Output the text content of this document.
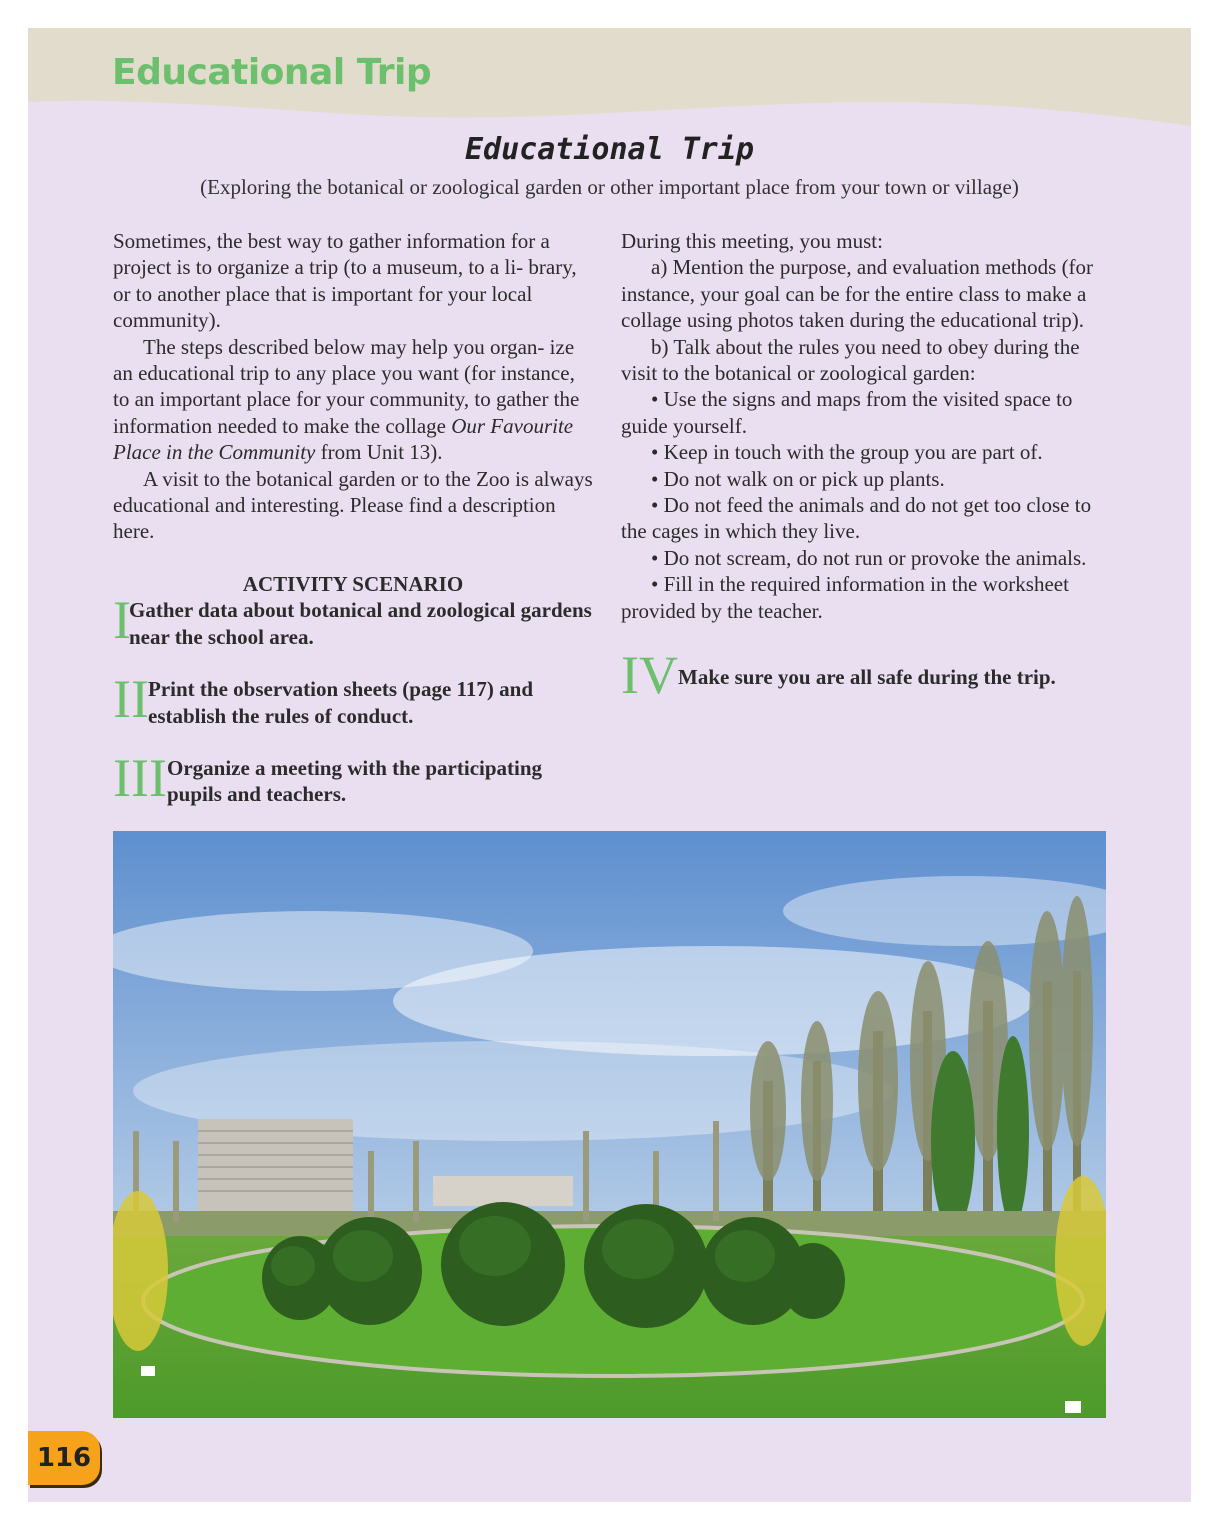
Educational Trip
Educational Trip
(Exploring the botanical or zoological garden or other important place from your town or village)

Sometimes, the best way to gather information for a project is to organize a trip (to a museum, to a li- brary, or to another place that is important for your local community).

The steps described below may help you organ- ize an educational trip to any place you want (for instance, to an important place for your community, to gather the information needed to make the collage Our Favourite Place in the Community from Unit 13).

A visit to the botanical garden or to the Zoo is always educational and interesting. Please find a description here.

ACTIVITY SCENARIO

I
Gather data about botanical and zoological gardens near the school area.
II Print the observation sheets (page 117) and establish the rules of conduct.
III Organize a meeting with the participating pupils and teachers.

During this meeting, you must:

a) Mention the purpose, and evaluation methods (for instance, your goal can be for the entire class to make a collage using photos taken during the educational trip).

b) Talk about the rules you need to obey during the visit to the botanical or zoological garden:

• Use the signs and maps from the visited space to guide yourself.

• Keep in touch with the group you are part of.

• Do not walk on or pick up plants.

• Do not feed the animals and do not get too close to the cages in which they live.

• Do not scream, do not run or provoke the animals.

• Fill in the required information in the worksheet provided by the teacher.

IV Make sure you are all safe during the trip.
116
